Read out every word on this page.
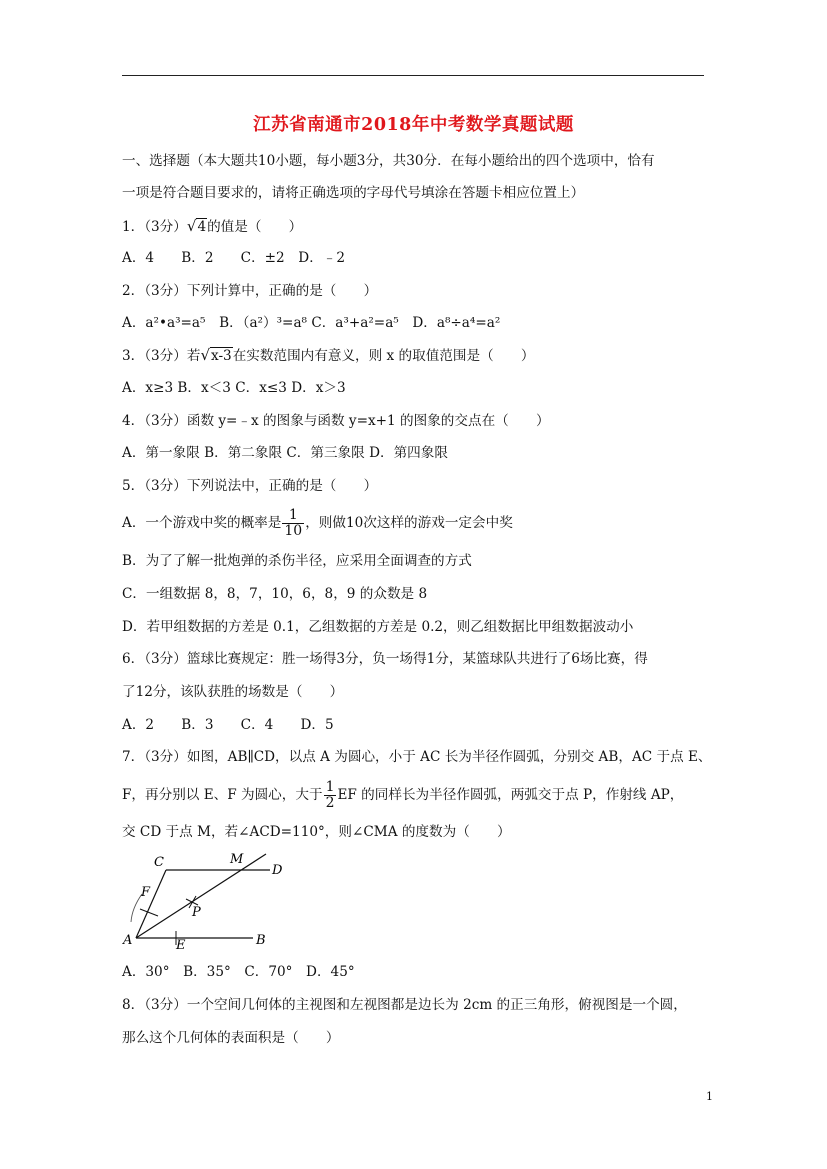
江苏省南通市2018年中考数学真题试题
一、选择题（本大题共10小题，每小题3分，共30分．在每小题给出的四个选项中，恰有
一项是符合题目要求的，请将正确选项的字母代号填涂在答题卡相应位置上）
1．（3分）√4的值是（　　）
A．4　　B．2　　C．±2　D．﹣2
2．（3分）下列计算中，正确的是（　　）
A．a²•a³=a⁵　B．（a²）³=a⁸ C．a³+a²=a⁵　D．a⁸÷a⁴=a²
3．（3分）若√x-3在实数范围内有意义，则 x 的取值范围是（　　）
A．x≥3 B．x＜3 C．x≤3 D．x＞3
4．（3分）函数 y=﹣x 的图象与函数 y=x+1 的图象的交点在（　　）
A．第一象限 B．第二象限 C．第三象限 D．第四象限
5．（3分）下列说法中，正确的是（　　）
A．一个游戏中奖的概率是 $\frac{1}{10}$ ，则做10次这样的游戏一定会中奖
B．为了了解一批炮弹的杀伤半径，应采用全面调查的方式
C．一组数据 8，8，7，10，6，8，9 的众数是 8
D．若甲组数据的方差是 0.1，乙组数据的方差是 0.2，则乙组数据比甲组数据波动小
6．（3分）篮球比赛规定：胜一场得3分，负一场得1分，某篮球队共进行了6场比赛，得
了12分，该队获胜的场数是（　　）
A．2　　B．3　　C．4　　D．5
7．（3分）如图，AB∥CD，以点 A 为圆心，小于 AC 长为半径作圆弧，分别交 AB，AC 于点 E、
F，再分别以 E、F 为圆心，大于 $\frac{1}{2}$ EF 的同样长为半径作圆弧，两弧交于点 P，作射线 AP，
交 CD 于点 M，若∠ACD=110°，则∠CMA 的度数为（　　）
C	M
D
F
P
A	E	B
A．30°　B．35°　C．70°　D．45°
8．（3分）一个空间几何体的主视图和左视图都是边长为 2cm 的正三角形，俯视图是一个圆，
那么这个几何体的表面积是（　　）
1
